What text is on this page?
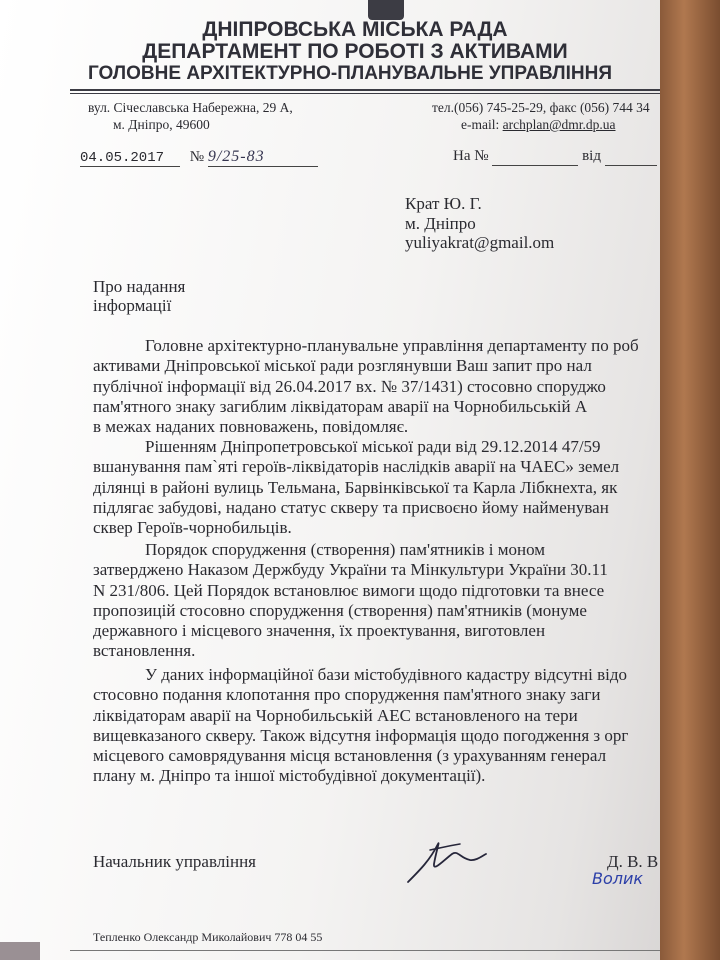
ДНІПРОВСЬКА МІСЬКА РАДА
ДЕПАРТАМЕНТ ПО РОБОТІ З АКТИВАМИ
ГОЛОВНЕ АРХІТЕКТУРНО-ПЛАНУВАЛЬНЕ УПРАВЛІННЯ
вул. Січеславська Набережна, 29 А,
м. Дніпро, 49600
тел.(056) 745-25-29, факс (056) 744 34
e-mail: archplan@dmr.dp.ua
04.05.2017 № 9/25-83	На №	від
Крат Ю. Г.
м. Дніпро
yuliyakrat@gmail.om
Про надання
інформації
Головне архітектурно-планувальне управління департаменту по роб
активами Дніпровської міської ради розглянувши Ваш запит про нал
публічної інформації від 26.04.2017 вх. № 37/1431) стосовно споруджо
пам'ятного знаку загиблим ліквідаторам аварії на Чорнобильській А
в межах наданих повноважень, повідомляє.
Рішенням Дніпропетровської міської ради від 29.12.2014 47/59
вшанування пам`яті героїв-ліквідаторів наслідків аварії на ЧАЕС» земел
ділянці в районі вулиць Тельмана, Барвінківської та Карла Лібкнехта, як
підлягає забудові, надано статус скверу та присвоєно йому найменуван
сквер Героїв-чорнобильців.
Порядок спорудження (створення) пам'ятників і моном
затверджено Наказом Держбуду України та Мінкультури України 30.11
N 231/806. Цей Порядок встановлює вимоги щодо підготовки та внесе
пропозицій стосовно спорудження (створення) пам'ятників (монуме
державного і місцевого значення, їх проектування, виготовлен
встановлення.
У даних інформаційної бази містобудівного кадастру відсутні відо
стосовно подання клопотання про спорудження пам'ятного знаку заги
ліквідаторам аварії на Чорнобильській АЕС встановленого на тери
вищевказаного скверу. Також відсутня інформація щодо погодження з орг
місцевого самоврядування місця встановлення (з урахуванням генерал
плану м. Дніпро та іншої містобудівної документації).
Начальник управління	Д. В. В
Волик
Тепленко Олександр Миколайович 778 04 55
